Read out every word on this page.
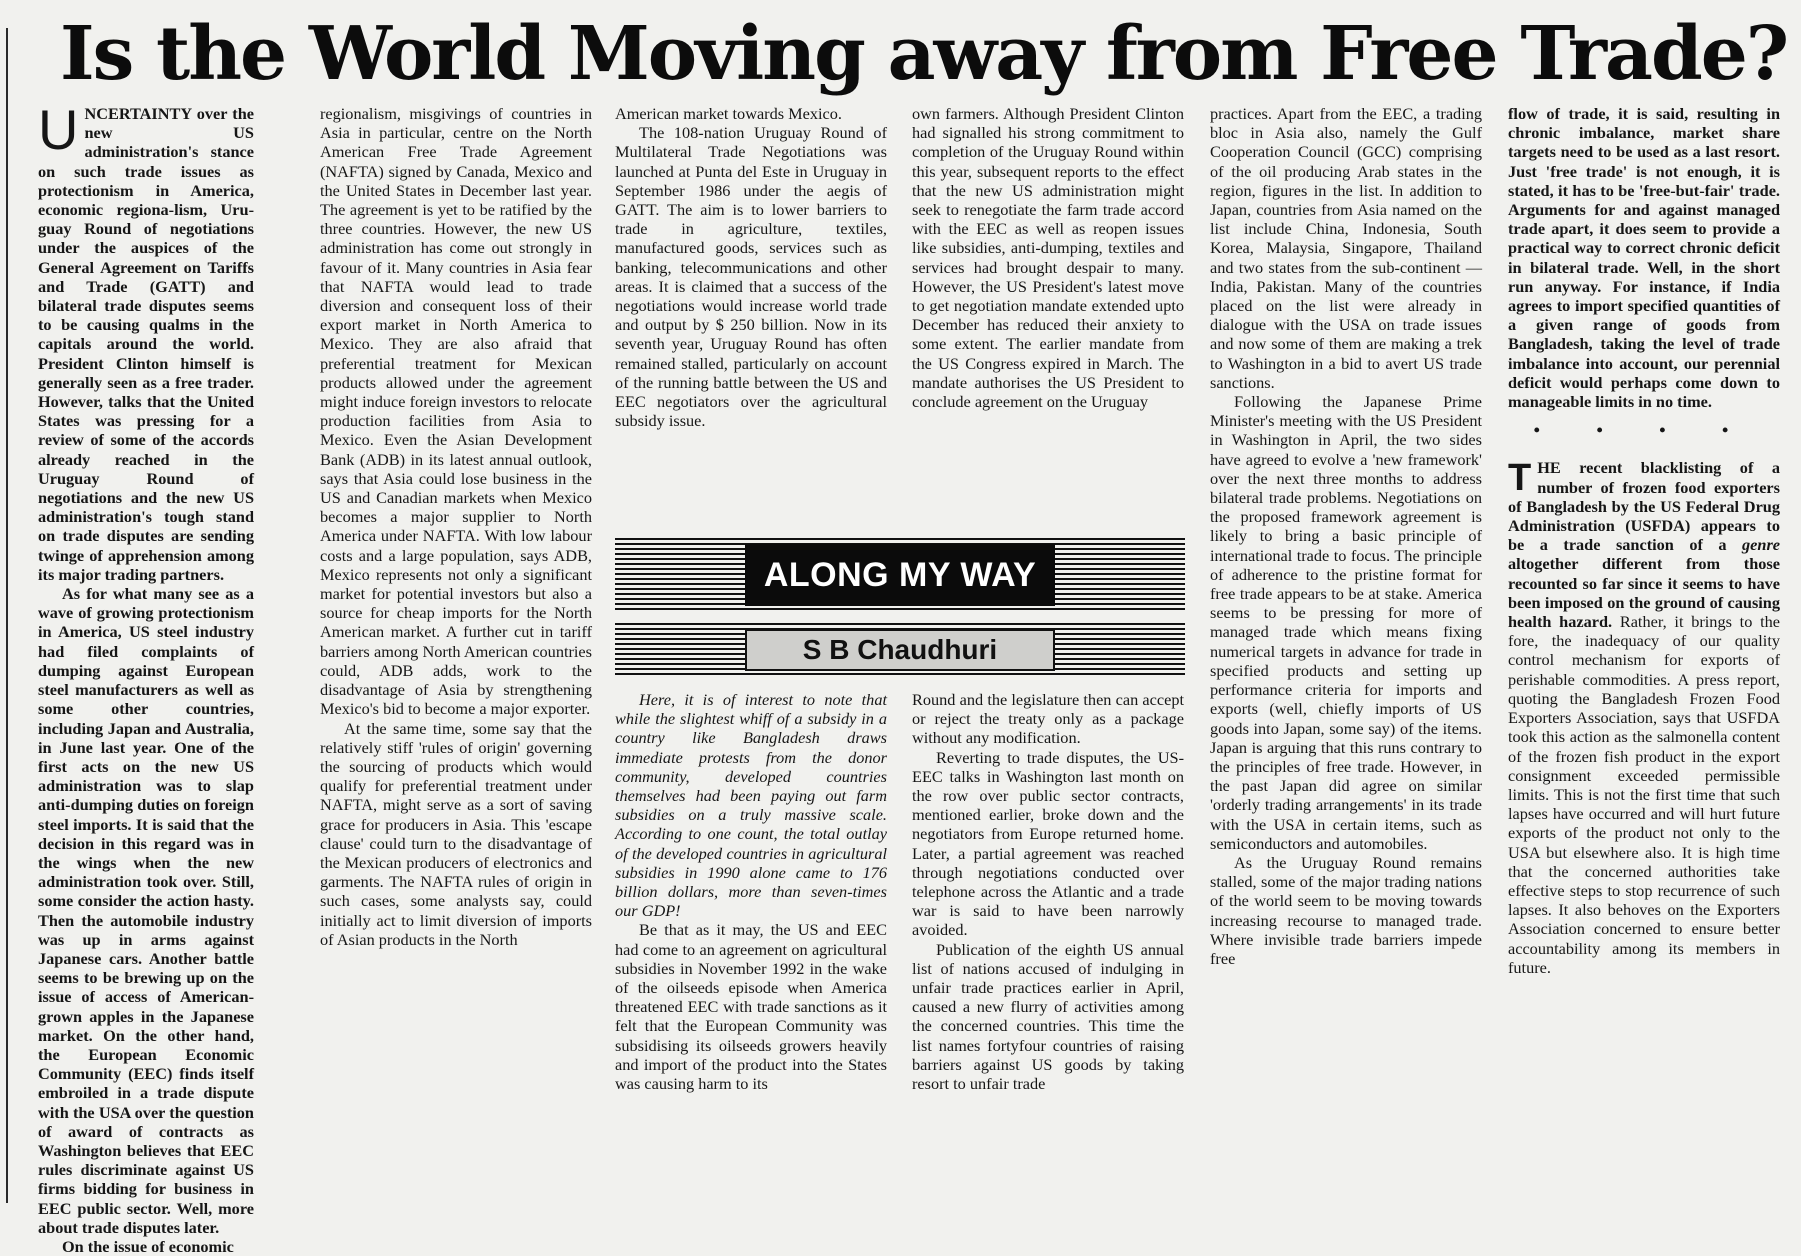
Is the World Moving away from Free Trade?

UNCERTAINTY over the new US administration's stance on such trade issues as protectionism in America, economic regiona-lism, Uru-guay Round of negotiations under the auspices of the General Agreement on Tariffs and Trade (GATT) and bilateral trade disputes seems to be causing qualms in the capitals around the world. President Clinton himself is generally seen as a free trader. However, talks that the United States was pressing for a review of some of the accords already reached in the Uruguay Round of negotiations and the new US administration's tough stand on trade disputes are sending twinge of apprehension among its major trading partners.

As for what many see as a wave of growing protectionism in America, US steel industry had filed complaints of dumping against European steel manufacturers as well as some other countries, including Japan and Australia, in June last year. One of the first acts on the new US administration was to slap anti-dumping duties on foreign steel imports. It is said that the decision in this regard was in the wings when the new administration took over. Still, some consider the action hasty. Then the automobile industry was up in arms against Japanese cars. Another battle seems to be brewing up on the issue of access of American-grown apples in the Japanese market. On the other hand, the European Economic Community (EEC) finds itself embroiled in a trade dispute with the USA over the question of award of contracts as Washington believes that EEC rules discriminate against US firms bidding for business in EEC public sector. Well, more about trade disputes later.

On the issue of economic

regionalism, misgivings of countries in Asia in particular, centre on the North American Free Trade Agreement (NAFTA) signed by Canada, Mexico and the United States in December last year. The agreement is yet to be ratified by the three countries. However, the new US administration has come out strongly in favour of it. Many countries in Asia fear that NAFTA would lead to trade diversion and consequent loss of their export market in North America to Mexico. They are also afraid that preferential treatment for Mexican products allowed under the agreement might induce foreign investors to relocate production facilities from Asia to Mexico. Even the Asian Development Bank (ADB) in its latest annual outlook, says that Asia could lose business in the US and Canadian markets when Mexico becomes a major supplier to North America under NAFTA. With low labour costs and a large population, says ADB, Mexico represents not only a significant market for potential investors but also a source for cheap imports for the North American market. A further cut in tariff barriers among North American countries could, ADB adds, work to the disadvantage of Asia by strengthening Mexico's bid to become a major exporter.

At the same time, some say that the relatively stiff 'rules of origin' governing the sourcing of products which would qualify for preferential treatment under NAFTA, might serve as a sort of saving grace for producers in Asia. This 'escape clause' could turn to the disadvantage of the Mexican producers of electronics and garments. The NAFTA rules of origin in such cases, some analysts say, could initially act to limit diversion of imports of Asian products in the North

American market towards Mexico.

The 108-nation Uruguay Round of Multilateral Trade Negotiations was launched at Punta del Este in Uruguay in September 1986 under the aegis of GATT. The aim is to lower barriers to trade in agriculture, textiles, manufactured goods, services such as banking, telecommunications and other areas. It is claimed that a success of the negotiations would increase world trade and output by $ 250 billion. Now in its seventh year, Uruguay Round has often remained stalled, particularly on account of the running battle between the US and EEC negotiators over the agricultural subsidy issue.

Here, it is of interest to note that while the slightest whiff of a subsidy in a country like Bangladesh draws immediate protests from the donor community, developed countries themselves had been paying out farm subsidies on a truly massive scale. According to one count, the total outlay of the developed countries in agricultural subsidies in 1990 alone came to 176 billion dollars, more than seven-times our GDP!

Be that as it may, the US and EEC had come to an agreement on agricultural subsidies in November 1992 in the wake of the oilseeds episode when America threatened EEC with trade sanctions as it felt that the European Community was subsidising its oilseeds growers heavily and import of the product into the States was causing harm to its

own farmers. Although President Clinton had signalled his strong commitment to completion of the Uruguay Round within this year, subsequent reports to the effect that the new US administration might seek to renegotiate the farm trade accord with the EEC as well as reopen issues like subsidies, anti-dumping, textiles and services had brought despair to many. However, the US President's latest move to get negotiation mandate extended upto December has reduced their anxiety to some extent. The earlier mandate from the US Congress expired in March. The mandate authorises the US President to conclude agreement on the Uruguay

Round and the legislature then can accept or reject the treaty only as a package without any modification.

Reverting to trade disputes, the US-EEC talks in Washington last month on the row over public sector contracts, mentioned earlier, broke down and the negotiators from Europe returned home. Later, a partial agreement was reached through negotiations conducted over telephone across the Atlantic and a trade war is said to have been narrowly avoided.

Publication of the eighth US annual list of nations accused of indulging in unfair trade practices earlier in April, caused a new flurry of activities among the concerned countries. This time the list names fortyfour countries of raising barriers against US goods by taking resort to unfair trade

ALONG MY WAY
S B Chaudhuri

practices. Apart from the EEC, a trading bloc in Asia also, namely the Gulf Cooperation Council (GCC) comprising of the oil producing Arab states in the region, figures in the list. In addition to Japan, countries from Asia named on the list include China, Indonesia, South Korea, Malaysia, Singapore, Thailand and two states from the sub-continent — India, Pakistan. Many of the countries placed on the list were already in dialogue with the USA on trade issues and now some of them are making a trek to Washington in a bid to avert US trade sanctions.

Following the Japanese Prime Minister's meeting with the US President in Washington in April, the two sides have agreed to evolve a 'new framework' over the next three months to address bilateral trade problems. Negotiations on the proposed framework agreement is likely to bring a basic principle of international trade to focus. The principle of adherence to the pristine format for free trade appears to be at stake. America seems to be pressing for more of managed trade which means fixing numerical targets in advance for trade in specified products and setting up performance criteria for imports and exports (well, chiefly imports of US goods into Japan, some say) of the items. Japan is arguing that this runs contrary to the principles of free trade. However, in the past Japan did agree on similar 'orderly trading arrangements' in its trade with the USA in certain items, such as semiconductors and automobiles.

As the Uruguay Round remains stalled, some of the major trading nations of the world seem to be moving towards increasing recourse to managed trade. Where invisible trade barriers impede free

flow of trade, it is said, resulting in chronic imbalance, market share targets need to be used as a last resort. Just 'free trade' is not enough, it is stated, it has to be 'free-but-fair' trade. Arguments for and against managed trade apart, it does seem to provide a practical way to correct chronic deficit in bilateral trade. Well, in the short run anyway. For instance, if India agrees to import specified quantities of a given range of goods from Bangladesh, taking the level of trade imbalance into account, our perennial deficit would perhaps come down to manageable limits in no time.

• • • •

THE recent blacklisting of a number of frozen food exporters of Bangladesh by the US Federal Drug Administration (USFDA) appears to be a trade sanction of a genre altogether different from those recounted so far since it seems to have been imposed on the ground of causing health hazard. Rather, it brings to the fore, the inadequacy of our quality control mechanism for exports of perishable commodities. A press report, quoting the Bangladesh Frozen Food Exporters Association, says that USFDA took this action as the salmonella content of the frozen fish product in the export consignment exceeded permissible limits. This is not the first time that such lapses have occurred and will hurt future exports of the product not only to the USA but elsewhere also. It is high time that the concerned authorities take effective steps to stop recurrence of such lapses. It also behoves on the Exporters Association concerned to ensure better accountability among its members in future.
